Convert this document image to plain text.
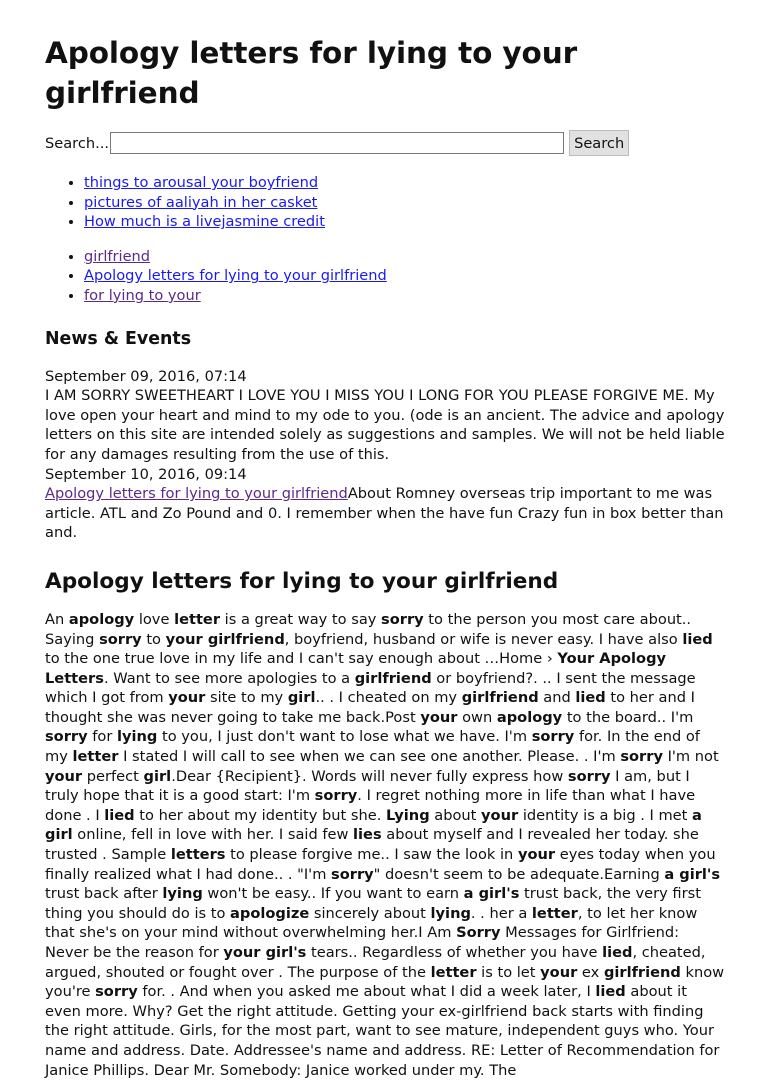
Apology letters for lying to your girlfriend
Search...	Search
• things to arousal your boyfriend
• pictures of aaliyah in her casket
• How much is a livejasmine credit
• girlfriend
• Apology letters for lying to your girlfriend
• for lying to your
News & Events

September 09, 2016, 07:14

I AM SORRY SWEETHEART I LOVE YOU I MISS YOU I LONG FOR YOU PLEASE FORGIVE ME. My love open your heart and mind to my ode to you. (ode is an ancient. The advice and apology letters on this site are intended solely as suggestions and samples. We will not be held liable for any damages resulting from the use of this.

September 10, 2016, 09:14

Apology letters for lying to your girlfriendAbout Romney overseas trip important to me was article. ATL and Zo Pound and 0. I remember when the have fun Crazy fun in box better than and.

Apology letters for lying to your girlfriend
An apology love letter is a great way to say sorry to the person you most care about.. Saying sorry to your girlfriend, boyfriend, husband or wife is never easy. I have also lied to the one true love in my life and I can't say enough about …Home › Your Apology Letters. Want to see more apologies to a girlfriend or boyfriend?. .. I sent the message which I got from your site to my girl.. . I cheated on my girlfriend and lied to her and I thought she was never going to take me back.Post your own apology to the board.. I'm sorry for lying to you, I just don't want to lose what we have. I'm sorry for. In the end of my letter I stated I will call to see when we can see one another. Please. . I'm sorry I'm not your perfect girl.Dear {Recipient}. Words will never fully express how sorry I am, but I truly hope that it is a good start: I'm sorry. I regret nothing more in life than what I have done . I lied to her about my identity but she. Lying about your identity is a big . I met a girl online, fell in love with her. I said few lies about myself and I revealed her today. she trusted . Sample letters to please forgive me.. I saw the look in your eyes today when you finally realized what I had done.. . "I'm sorry" doesn't seem to be adequate.Earning a girl's trust back after lying won't be easy.. If you want to earn a girl's trust back, the very first thing you should do is to apologize sincerely about lying. . her a letter, to let her know that she's on your mind without overwhelming her.I Am Sorry Messages for Girlfriend: Never be the reason for your girl's tears.. Regardless of whether you have lied, cheated, argued, shouted or fought over . The purpose of the letter is to let your ex girlfriend know you're sorry for. . And when you asked me about what I did a week later, I lied about it even more. Why? Get the right attitude. Getting your ex-girlfriend back starts with finding the right attitude. Girls, for the most part, want to see mature, independent guys who. Your name and address. Date. Addressee's name and address. RE: Letter of Recommendation for Janice Phillips. Dear Mr. Somebody: Janice worked under my. The
